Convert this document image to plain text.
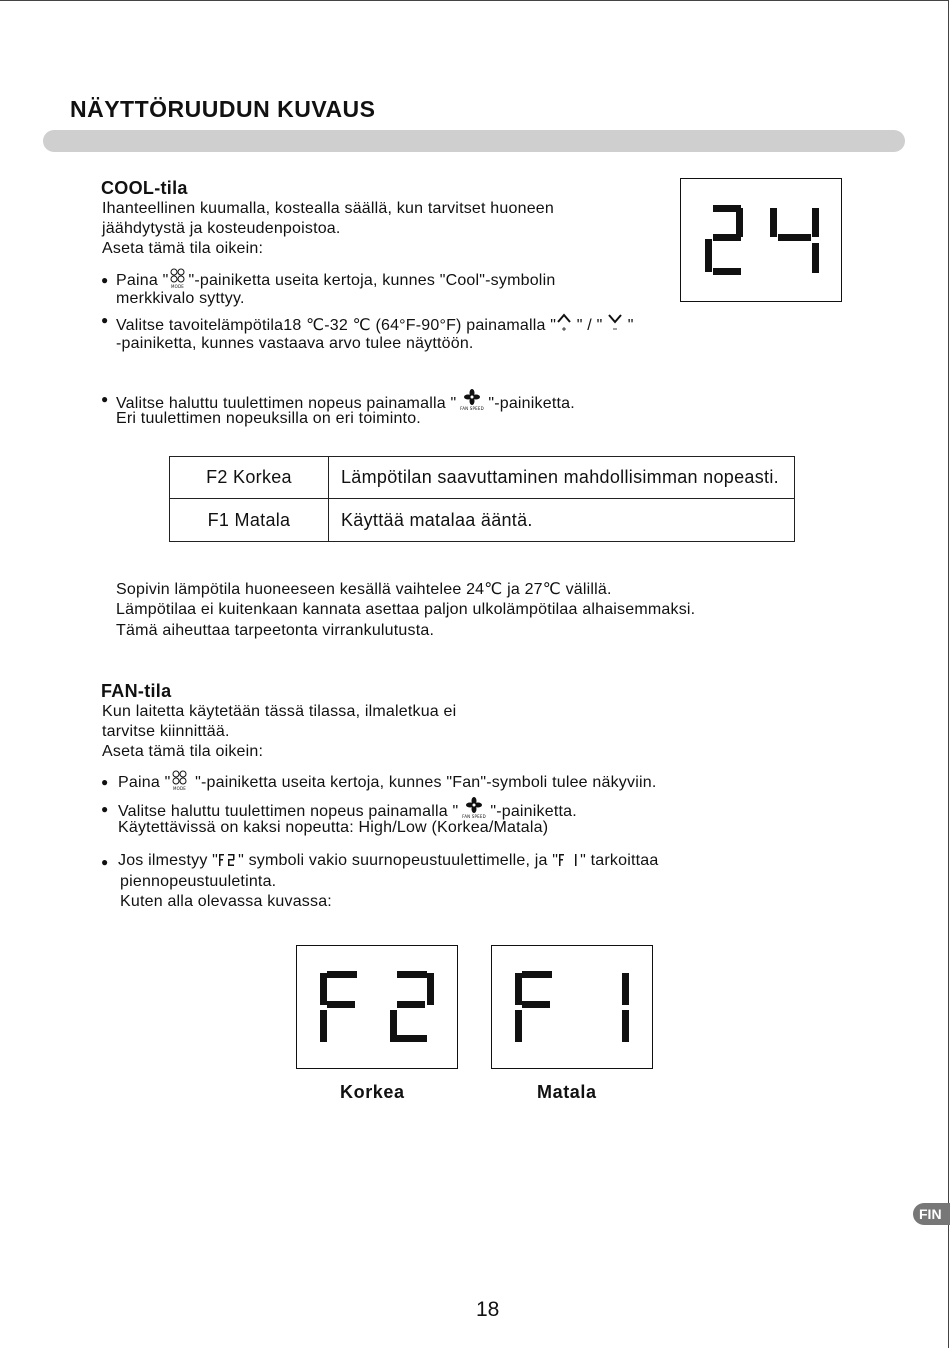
NÄYTTÖRUUDUN KUVAUS
COOL-tila
Ihanteellinen kuumalla, kostealla säällä, kun tarvitset huoneen
jäähdytystä ja kosteudenpoistoa.
Aseta tämä tila oikein:
● Paina " MODE "-painiketta useita kertoja, kunnes "Cool"-symbolin
merkkivalo syttyy.
● Valitse tavoitelämpötila18 ℃-32 ℃ (64°F-90°F) painamalla " " / "  "
-painiketta, kunnes vastaava arvo tulee näyttöön.
● Valitse haluttu tuulettimen nopeus painamalla " FAN SPEED "-painiketta.
Eri tuulettimen nopeuksilla on eri toiminto.
F2 Korkea	Lämpötilan saavuttaminen mahdollisimman nopeasti.
F1 Matala	Käyttää matalaa ääntä.
Sopivin lämpötila huoneeseen kesällä vaihtelee 24℃ ja 27℃ välillä.
Lämpötilaa ei kuitenkaan kannata asettaa paljon ulkolämpötilaa alhaisemmaksi.
Tämä aiheuttaa tarpeetonta virrankulutusta.
FAN-tila
Kun laitetta käytetään tässä tilassa, ilmaletkua ei
tarvitse kiinnittää.
Aseta tämä tila oikein:
● Paina " MODE "-painiketta useita kertoja, kunnes "Fan"-symboli tulee näkyviin.
● Valitse haluttu tuulettimen nopeus painamalla " FAN SPEED "-painiketta.
Käytettävissä on kaksi nopeutta: High/Low (Korkea/Matala)
● Jos ilmestyy " " symboli vakio suurnopeustuulettimelle, ja " " tarkoittaa
piennopeustuuletinta.
Kuten alla olevassa kuvassa:
Korkea	Matala
FIN
18
